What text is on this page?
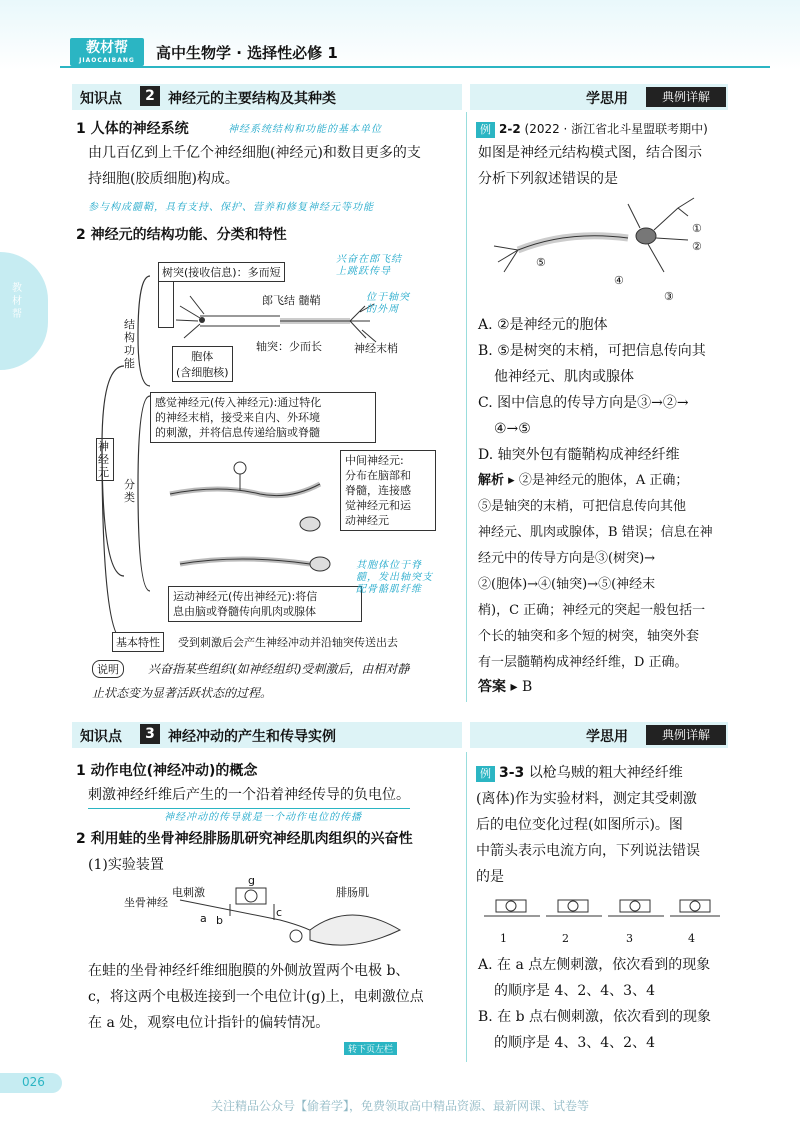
教材帮
JIAOCAIBANG	高中生物学 · 选择性必修 1
教材帮
知识点	2 神经元的主要结构及其种类	学思用	典例详解
1 人体的神经系统	神经系统结构和功能的基本单位
由几百亿到上千亿个神经细胞(神经元)和数目更多的支
持细胞(胶质细胞)构成。
参与构成髓鞘，具有支持、保护、营养和修复神经元等功能
2 神经元的结构功能、分类和特性
结构功能
神经元
分类
树突(接收信息)：多而短
郎飞结 髓鞘
轴突：少而长	神经末梢
胞体
(含细胞核)
兴奋在郎飞结
上跳跃传导
位于轴突
的外周
感觉神经元(传入神经元):通过特化
的神经末梢，接受来自内、外环境
的刺激，并将信息传递给脑或脊髓
中间神经元:
分布在脑部和
脊髓，连接感
觉神经元和运
动神经元
运动神经元(传出神经元):将信
息由脑或脊髓传向肌肉或腺体
其胞体位于脊
髓，发出轴突支
配骨骼肌纤维
基本特性	受到刺激后会产生神经冲动并沿轴突传送出去
说明	兴奋指某些组织(如神经组织)受刺激后，由相对静
止状态变为显著活跃状态的过程。
例 2-2 (2022 · 浙江省北斗星盟联考期中)
如图是神经元结构模式图，结合图示
分析下列叙述错误的是
①
②
③
④
⑤
A. ②是神经元的胞体
B. ⑤是树突的末梢，可把信息传向其
他神经元、肌肉或腺体
C. 图中信息的传导方向是③→②→
④→⑤
D. 轴突外包有髓鞘构成神经纤维
解析 ▸ ②是神经元的胞体，A 正确；
⑤是轴突的末梢，可把信息传向其他
神经元、肌肉或腺体，B 错误；信息在神
经元中的传导方向是③(树突)→
②(胞体)→④(轴突)→⑤(神经末
梢)，C 正确；神经元的突起一般包括一
个长的轴突和多个短的树突，轴突外套
有一层髓鞘构成神经纤维，D 正确。
答案 ▸ B
知识点	3 神经冲动的产生和传导实例	学思用	典例详解
1 动作电位(神经冲动)的概念
刺激神经纤维后产生的一个沿着神经传导的负电位。
神经冲动的传导就是一个动作电位的传播
2 利用蛙的坐骨神经腓肠肌研究神经肌肉组织的兴奋性
(1)实验装置
坐骨神经
电刺激
g
腓肠肌
a b
c
在蛙的坐骨神经纤维细胞膜的外侧放置两个电极 b、
c，将这两个电极连接到一个电位计(g)上，电刺激位点
在 a 处，观察电位计指针的偏转情况。
转下页左栏
例 3-3 以枪乌贼的粗大神经纤维
(离体)作为实验材料，测定其受刺激
后的电位变化过程(如图所示)。图
中箭头表示电流方向，下列说法错误
的是
1	2	3	4
A. 在 a 点左侧刺激，依次看到的现象
的顺序是 4、2、4、3、4
B. 在 b 点右侧刺激，依次看到的现象
的顺序是 4、3、4、2、4
026
关注精品公众号【偷着学】，免费领取高中精品资源、最新网课、试卷等
